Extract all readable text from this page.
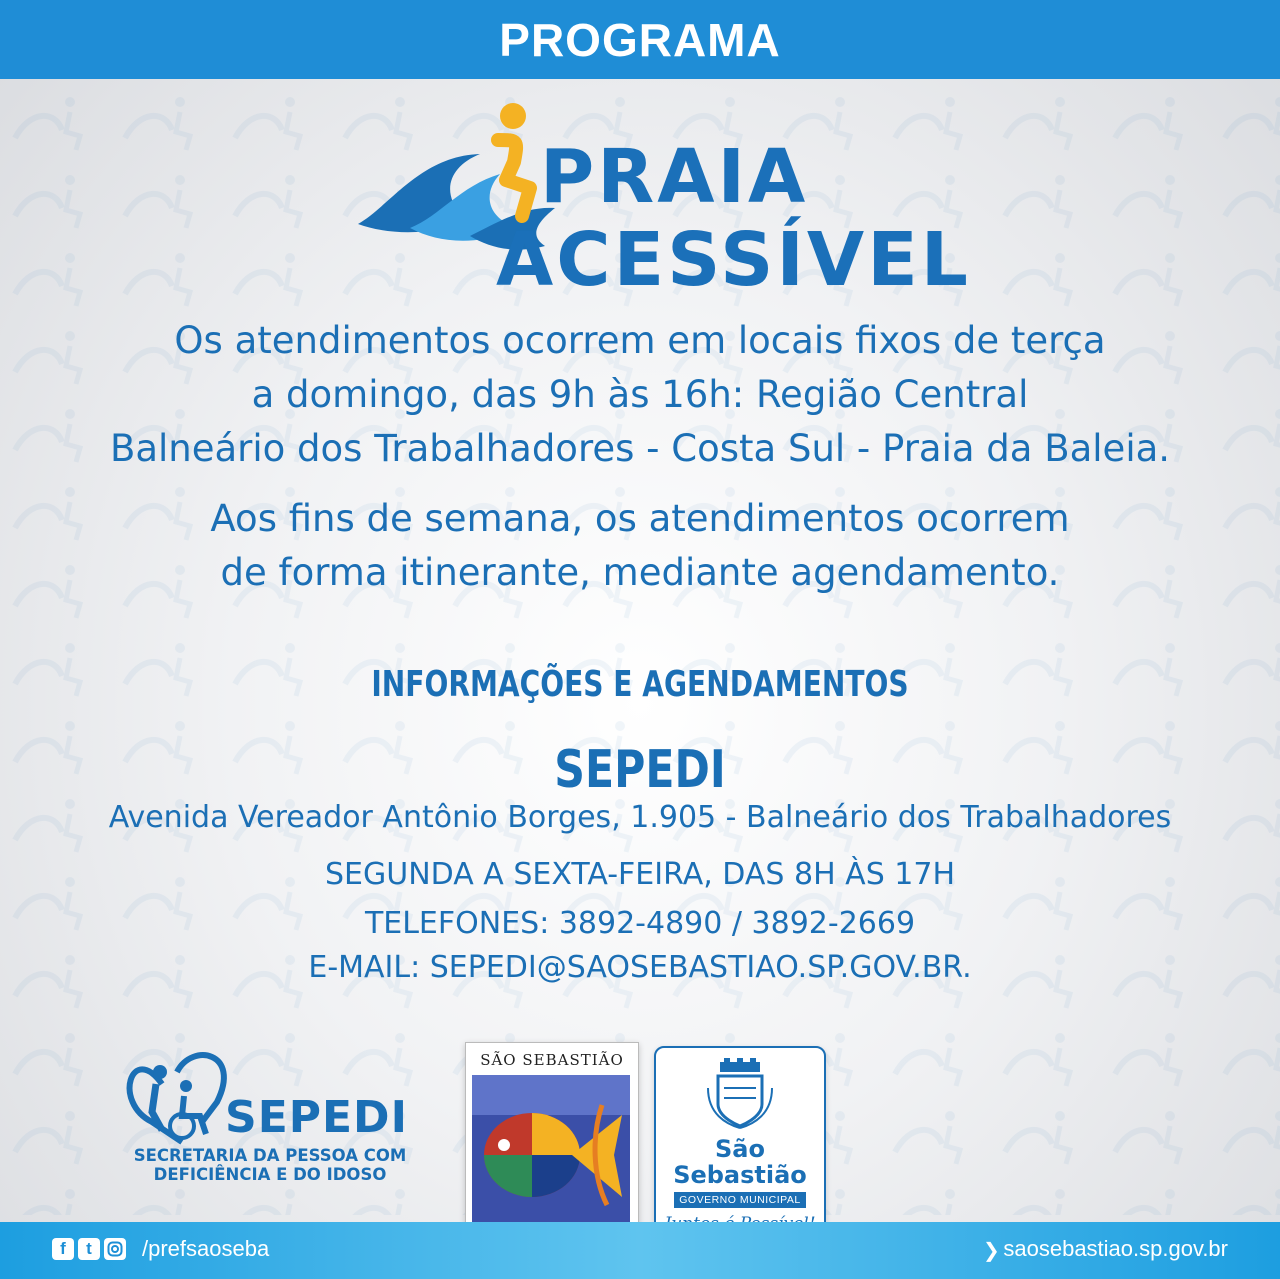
PROGRAMA
PRAIA
ACESSÍVEL
Os atendimentos ocorrem em locais fixos de terça
a domingo, das 9h às 16h: Região Central
Balneário dos Trabalhadores - Costa Sul - Praia da Baleia.
Aos fins de semana, os atendimentos ocorrem
de forma itinerante, mediante agendamento.
INFORMAÇÕES E AGENDAMENTOS
SEPEDI
Avenida Vereador Antônio Borges, 1.905 - Balneário dos Trabalhadores
SEGUNDA A SEXTA-FEIRA, DAS 8H ÀS 17H
TELEFONES: 3892-4890 / 3892-2669
E-MAIL: SEPEDI@SAOSEBASTIAO.SP.GOV.BR.
SEPEDI
SECRETARIA DA PESSOA COM
DEFICIÊNCIA E DO IDOSO
SÃO SEBASTIÃO
São
Sebastião
GOVERNO MUNICIPAL
f	t	/prefsaoseba	❯ saosebastiao.sp.gov.br
